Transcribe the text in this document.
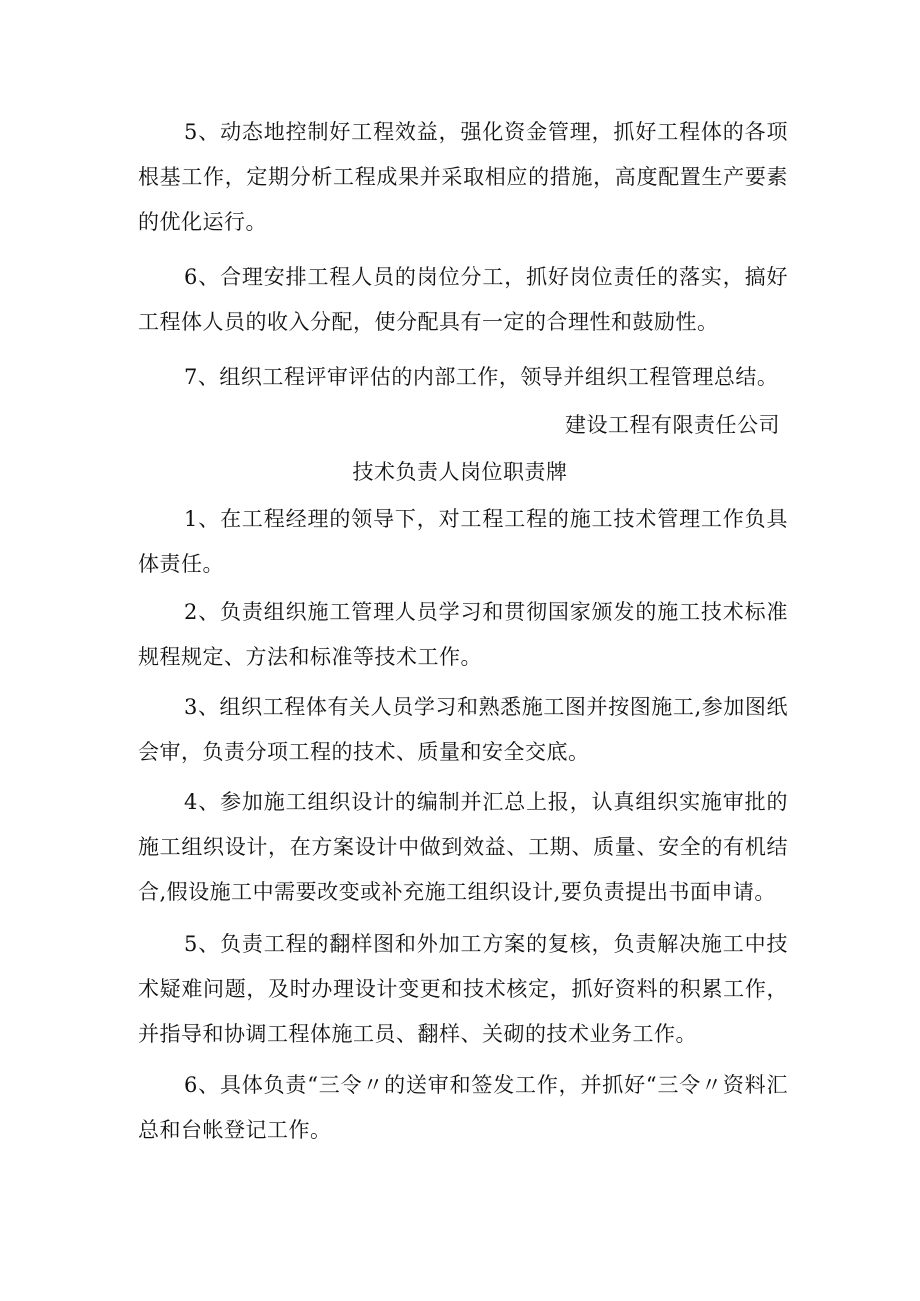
5、动态地控制好工程效益，强化资金管理，抓好工程体的各项根基工作，定期分析工程成果并采取相应的措施，高度配置生产要素的优化运行。

6、合理安排工程人员的岗位分工，抓好岗位责任的落实，搞好工程体人员的收入分配，使分配具有一定的合理性和鼓励性。

7、组织工程评审评估的内部工作，领导并组织工程管理总结。

建设工程有限责任公司

技术负责人岗位职责牌

1、在工程经理的领导下，对工程工程的施工技术管理工作负具体责任。

2、负责组织施工管理人员学习和贯彻国家颁发的施工技术标准规程规定、方法和标准等技术工作。

3、组织工程体有关人员学习和熟悉施工图并按图施工,参加图纸会审，负责分项工程的技术、质量和安全交底。

4、参加施工组织设计的编制并汇总上报，认真组织实施审批的施工组织设计，在方案设计中做到效益、工期、质量、安全的有机结合,假设施工中需要改变或补充施工组织设计,要负责提出书面申请。

5、负责工程的翻样图和外加工方案的复核，负责解决施工中技术疑难问题，及时办理设计变更和技术核定，抓好资料的积累工作，并指导和协调工程体施工员、翻样、关砌的技术业务工作。

6、具体负责“三令〃的送审和签发工作，并抓好“三令〃资料汇总和台帐登记工作。
